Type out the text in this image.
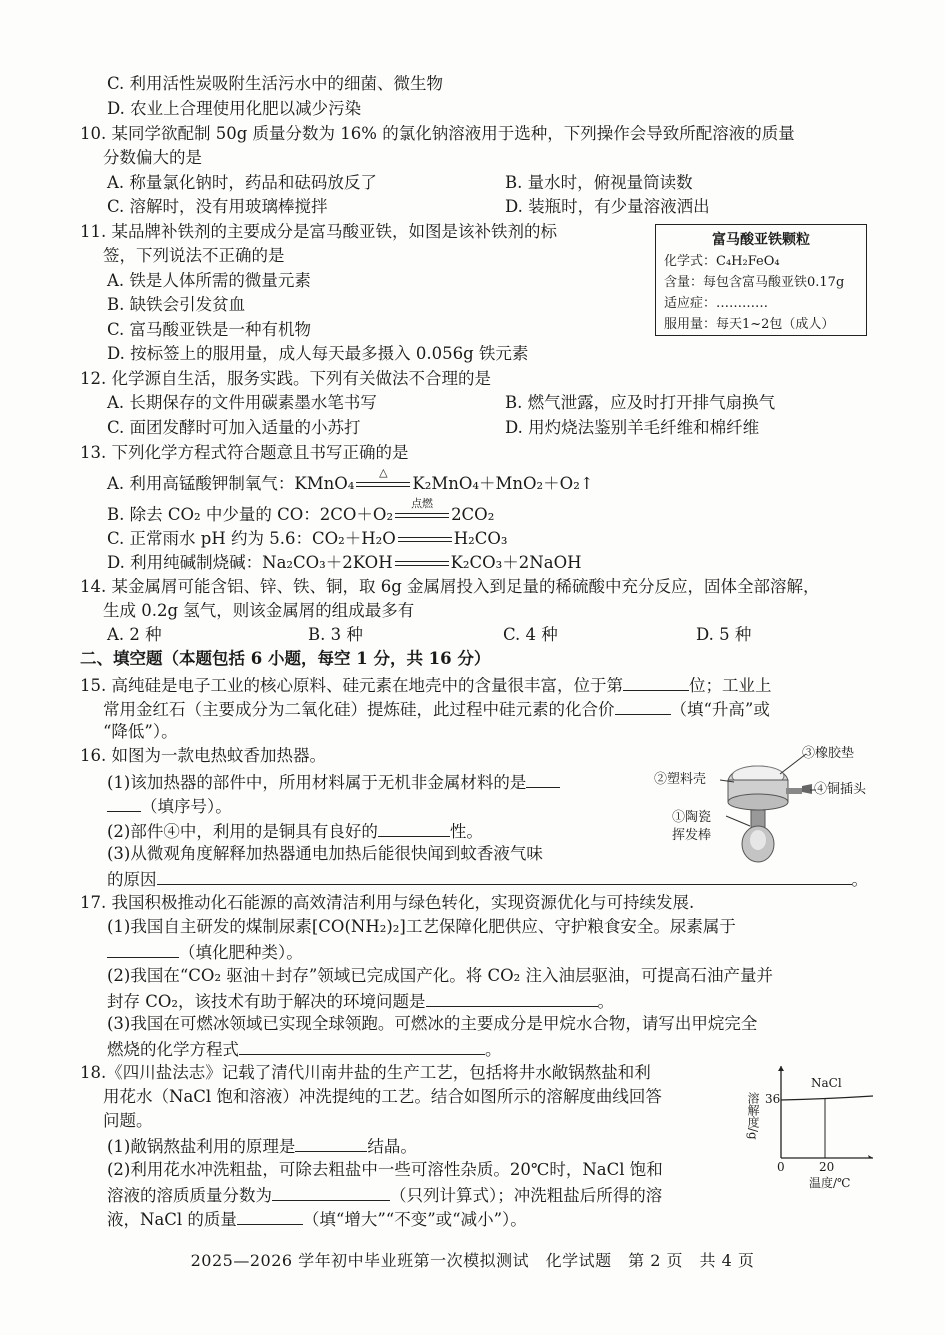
C. 利用活性炭吸附生活污水中的细菌、微生物
D. 农业上合理使用化肥以减少污染
10. 某同学欲配制 50g 质量分数为 16% 的氯化钠溶液用于选种，下列操作会导致所配溶液的质量
分数偏大的是
A. 称量氯化钠时，药品和砝码放反了	B. 量水时，俯视量筒读数
C. 溶解时，没有用玻璃棒搅拌	D. 装瓶时，有少量溶液洒出
11. 某品牌补铁剂的主要成分是富马酸亚铁，如图是该补铁剂的标
签，下列说法不正确的是
A. 铁是人体所需的微量元素
B. 缺铁会引发贫血
C. 富马酸亚铁是一种有机物
D. 按标签上的服用量，成人每天最多摄入 0.056g 铁元素
富马酸亚铁颗粒
化学式：C₄H₂FeO₄
含量：每包含富马酸亚铁0.17g
适应症：…………
服用量：每天1~2包（成人）
12. 化学源自生活，服务实践。下列有关做法不合理的是
A. 长期保存的文件用碳素墨水笔书写	B. 燃气泄露，应及时打开排气扇换气
C. 面团发酵时可加入适量的小苏打	D. 用灼烧法鉴别羊毛纤维和棉纤维
13. 下列化学方程式符合题意且书写正确的是
A. 利用高锰酸钾制氧气：KMnO₄
△
K₂MnO₄＋MnO₂＋O₂↑
B. 除去 CO₂ 中少量的 CO：2CO＋O₂
点燃
2CO₂
C. 正常雨水 pH 约为 5.6：CO₂＋H₂O	H₂CO₃
D. 利用纯碱制烧碱：Na₂CO₃＋2KOH	K₂CO₃＋2NaOH
14. 某金属屑可能含铝、锌、铁、铜，取 6g 金属屑投入到足量的稀硫酸中充分反应，固体全部溶解，
生成 0.2g 氢气，则该金属屑的组成最多有
A. 2 种	B. 3 种	C. 4 种	D. 5 种
二、填空题（本题包括 6 小题，每空 1 分，共 16 分）
15. 高纯硅是电子工业的核心原料、硅元素在地壳中的含量很丰富，位于第	位；工业上
常用金红石（主要成分为二氧化硅）提炼硅，此过程中硅元素的化合价	（填“升高”或
“降低”）。
16. 如图为一款电热蚊香加热器。
(1)该加热器的部件中，所用材料属于无机非金属材料的是
（填序号）。
(2)部件④中，利用的是铜具有良好的	性。
(3)从微观角度解释加热器通电加热后能很快闻到蚊香液气味
的原因	。
③橡胶垫
②塑料壳
④铜插头
①陶瓷
挥发棒
17. 我国积极推动化石能源的高效清洁利用与绿色转化，实现资源优化与可持续发展.
(1)我国自主研发的煤制尿素[CO(NH₂)₂]工艺保障化肥供应、守护粮食安全。尿素属于
（填化肥种类）。
(2)我国在“CO₂ 驱油＋封存”领域已完成国产化。将 CO₂ 注入油层驱油，可提高石油产量并
封存 CO₂，该技术有助于解决的环境问题是	。
(3)我国在可燃冰领域已实现全球领跑。可燃冰的主要成分是甲烷水合物，请写出甲烷完全
燃烧的化学方程式	。
18.《四川盐法志》记载了清代川南井盐的生产工艺，包括将井水敞锅熬盐和利
用花水（NaCl 饱和溶液）冲洗提纯的工艺。结合如图所示的溶解度曲线回答
问题。
(1)敞锅熬盐利用的原理是	结晶。
(2)利用花水冲洗粗盐，可除去粗盐中一些可溶性杂质。20℃时，NaCl 饱和
溶液的溶质质量分数为	（只列计算式）；冲洗粗盐后所得的溶
液，NaCl 的质量	（填“增大”“不变”或“减小”）。
36
20
0
NaCl
温度/℃
溶解度/g
2025—2026 学年初中毕业班第一次模拟测试　化学试题　第 2 页　共 4 页
